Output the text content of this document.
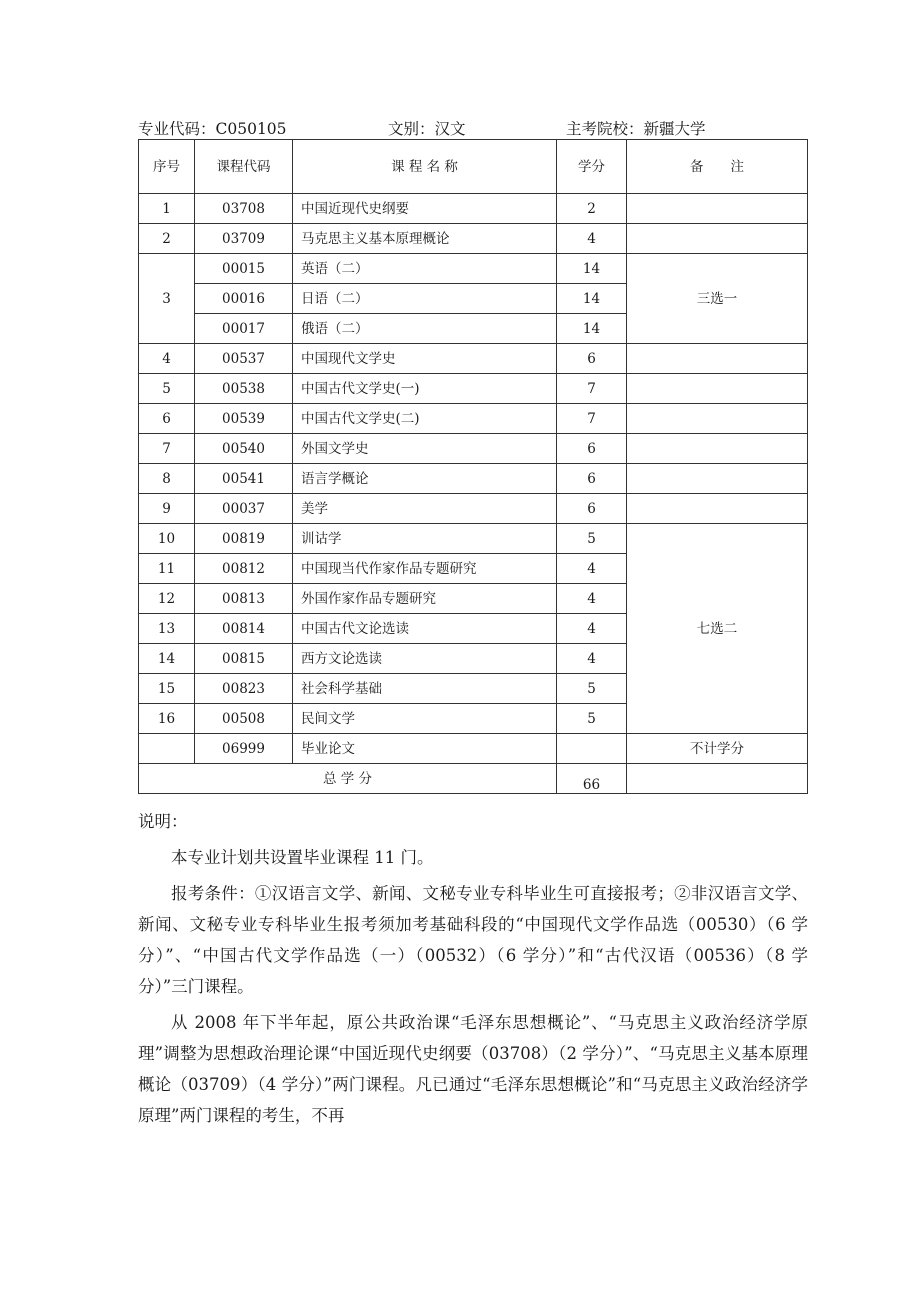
专业代码：C050105	文别：汉文	主考院校：新疆大学
序号	课程代码	课 程 名 称	学分	备　　注
1	03708	中国近现代史纲要	2	
2	03709	马克思主义基本原理概论	4	
3	00015	英语（二）	14	三选一
	00016	日语（二）	14	
	00017	俄语（二）	14	
4	00537	中国现代文学史	6	
5	00538	中国古代文学史(一)	7	
6	00539	中国古代文学史(二)	7	
7	00540	外国文学史	6	
8	00541	语言学概论	6	
9	00037	美学	6	
10	00819	训诂学	5	七选二
11	00812	中国现当代作家作品专题研究	4	
12	00813	外国作家作品专题研究	4	
13	00814	中国古代文论选读	4	
14	00815	西方文论选读	4	
15	00823	社会科学基础	5	
16	00508	民间文学	5	
	06999	毕业论文		不计学分
总 学 分			66	

说明：

本专业计划共设置毕业课程 11 门。

报考条件：①汉语言文学、新闻、文秘专业专科毕业生可直接报考；②非汉语言文学、新闻、文秘专业专科毕业生报考须加考基础科段的“中国现代文学作品选（00530）（6 学分）”、“中国古代文学作品选（一）（00532）（6 学分）”和“古代汉语（00536）（8 学分）”三门课程。

从 2008 年下半年起，原公共政治课“毛泽东思想概论”、“马克思主义政治经济学原理”调整为思想政治理论课“中国近现代史纲要（03708）（2 学分）”、“马克思主义基本原理概论（03709）（4 学分）”两门课程。凡已通过“毛泽东思想概论”和“马克思主义政治经济学原理”两门课程的考生，不再
